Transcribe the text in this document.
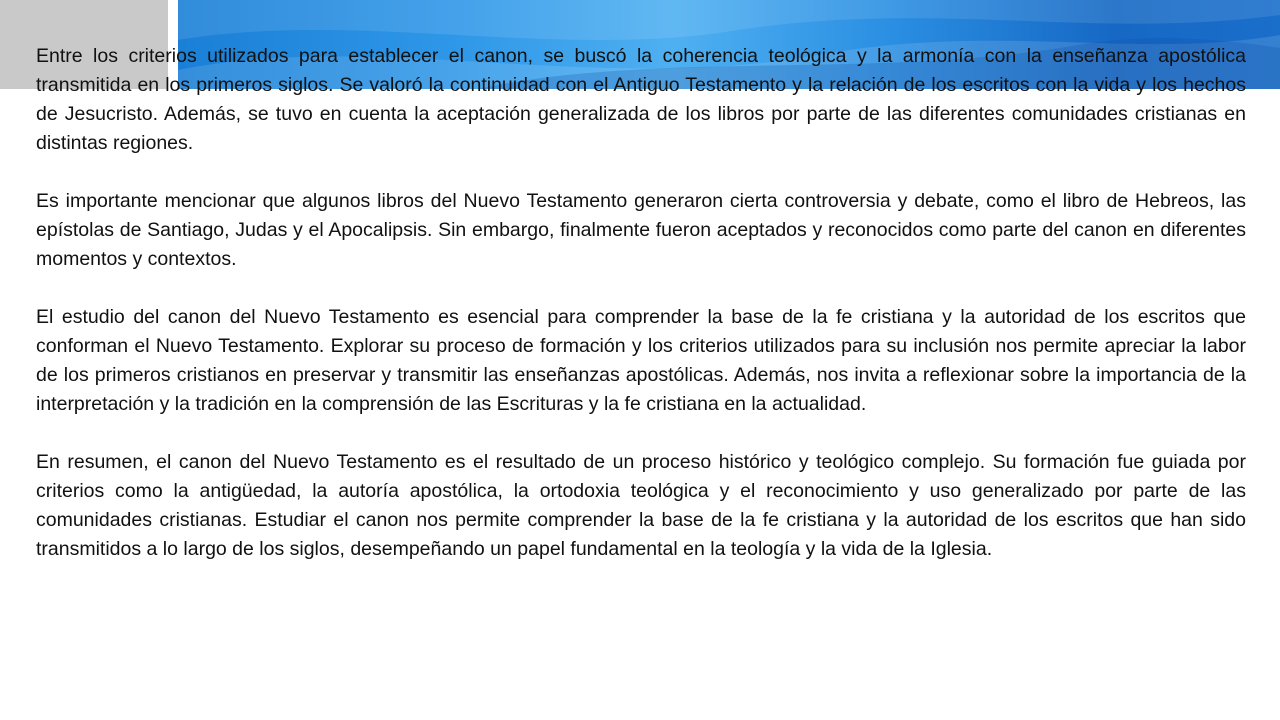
Entre los criterios utilizados para establecer el canon, se buscó la coherencia teológica y la armonía con la enseñanza apostólica transmitida en los primeros siglos. Se valoró la continuidad con el Antiguo Testamento y la relación de los escritos con la vida y los hechos de Jesucristo. Además, se tuvo en cuenta la aceptación generalizada de los libros por parte de las diferentes comunidades cristianas en distintas regiones.

Es importante mencionar que algunos libros del Nuevo Testamento generaron cierta controversia y debate, como el libro de Hebreos, las epístolas de Santiago, Judas y el Apocalipsis. Sin embargo, finalmente fueron aceptados y reconocidos como parte del canon en diferentes momentos y contextos.

El estudio del canon del Nuevo Testamento es esencial para comprender la base de la fe cristiana y la autoridad de los escritos que conforman el Nuevo Testamento. Explorar su proceso de formación y los criterios utilizados para su inclusión nos permite apreciar la labor de los primeros cristianos en preservar y transmitir las enseñanzas apostólicas. Además, nos invita a reflexionar sobre la importancia de la interpretación y la tradición en la comprensión de las Escrituras y la fe cristiana en la actualidad.

En resumen, el canon del Nuevo Testamento es el resultado de un proceso histórico y teológico complejo. Su formación fue guiada por criterios como la antigüedad, la autoría apostólica, la ortodoxia teológica y el reconocimiento y uso generalizado por parte de las comunidades cristianas. Estudiar el canon nos permite comprender la base de la fe cristiana y la autoridad de los escritos que han sido transmitidos a lo largo de los siglos, desempeñando un papel fundamental en la teología y la vida de la Iglesia.
